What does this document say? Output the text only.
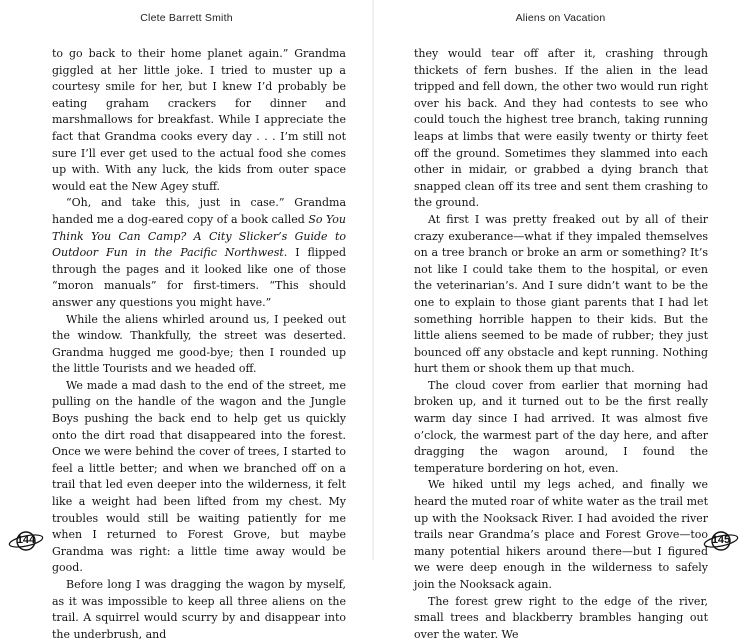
Clete Barrett Smith

to go back to their home planet again.” Grandma giggled at her little joke. I tried to muster up a courtesy smile for her, but I knew I’d probably be eating graham crackers for dinner and marshmallows for breakfast. While I appreciate the fact that Grandma cooks every day . . . I’m still not sure I’ll ever get used to the actual food she comes up with. With any luck, the kids from outer space would eat the New Agey stuff.

“Oh, and take this, just in case.” Grandma handed me a dog-eared copy of a book called So You Think You Can Camp? A City Slicker’s Guide to Outdoor Fun in the Pacific Northwest. I flipped through the pages and it looked like one of those “moron manuals” for first-timers. “This should answer any questions you might have.”

While the aliens whirled around us, I peeked out the window. Thankfully, the street was deserted. Grandma hugged me good-bye; then I rounded up the little Tourists and we headed off.

We made a mad dash to the end of the street, me pulling on the handle of the wagon and the Jungle Boys pushing the back end to help get us quickly onto the dirt road that disappeared into the forest. Once we were behind the cover of trees, I started to feel a little better; and when we branched off on a trail that led even deeper into the wilderness, it felt like a weight had been lifted from my chest. My troubles would still be waiting patiently for me when I returned to Forest Grove, but maybe Grandma was right: a little time away would be good.

Before long I was dragging the wagon by myself, as it was impossible to keep all three aliens on the trail. A squirrel would scurry by and disappear into the underbrush, and

144
Aliens on Vacation

they would tear off after it, crashing through thickets of fern bushes. If the alien in the lead tripped and fell down, the other two would run right over his back. And they had contests to see who could touch the highest tree branch, taking running leaps at limbs that were easily twenty or thirty feet off the ground. Sometimes they slammed into each other in midair, or grabbed a dying branch that snapped clean off its tree and sent them crashing to the ground.

At first I was pretty freaked out by all of their crazy exuberance—what if they impaled themselves on a tree branch or broke an arm or something? It’s not like I could take them to the hospital, or even the veterinarian’s. And I sure didn’t want to be the one to explain to those giant parents that I had let something horrible happen to their kids. But the little aliens seemed to be made of rubber; they just bounced off any obstacle and kept running. Nothing hurt them or shook them up that much.

The cloud cover from earlier that morning had broken up, and it turned out to be the first really warm day since I had arrived. It was almost five o’clock, the warmest part of the day here, and after dragging the wagon around, I found the temperature bordering on hot, even.

We hiked until my legs ached, and finally we heard the muted roar of white water as the trail met up with the Nooksack River. I had avoided the river trails near Grandma’s place and Forest Grove—too many potential hikers around there—but I figured we were deep enough in the wilderness to safely join the Nooksack again.

The forest grew right to the edge of the river, small trees and blackberry brambles hanging out over the water. We

145
